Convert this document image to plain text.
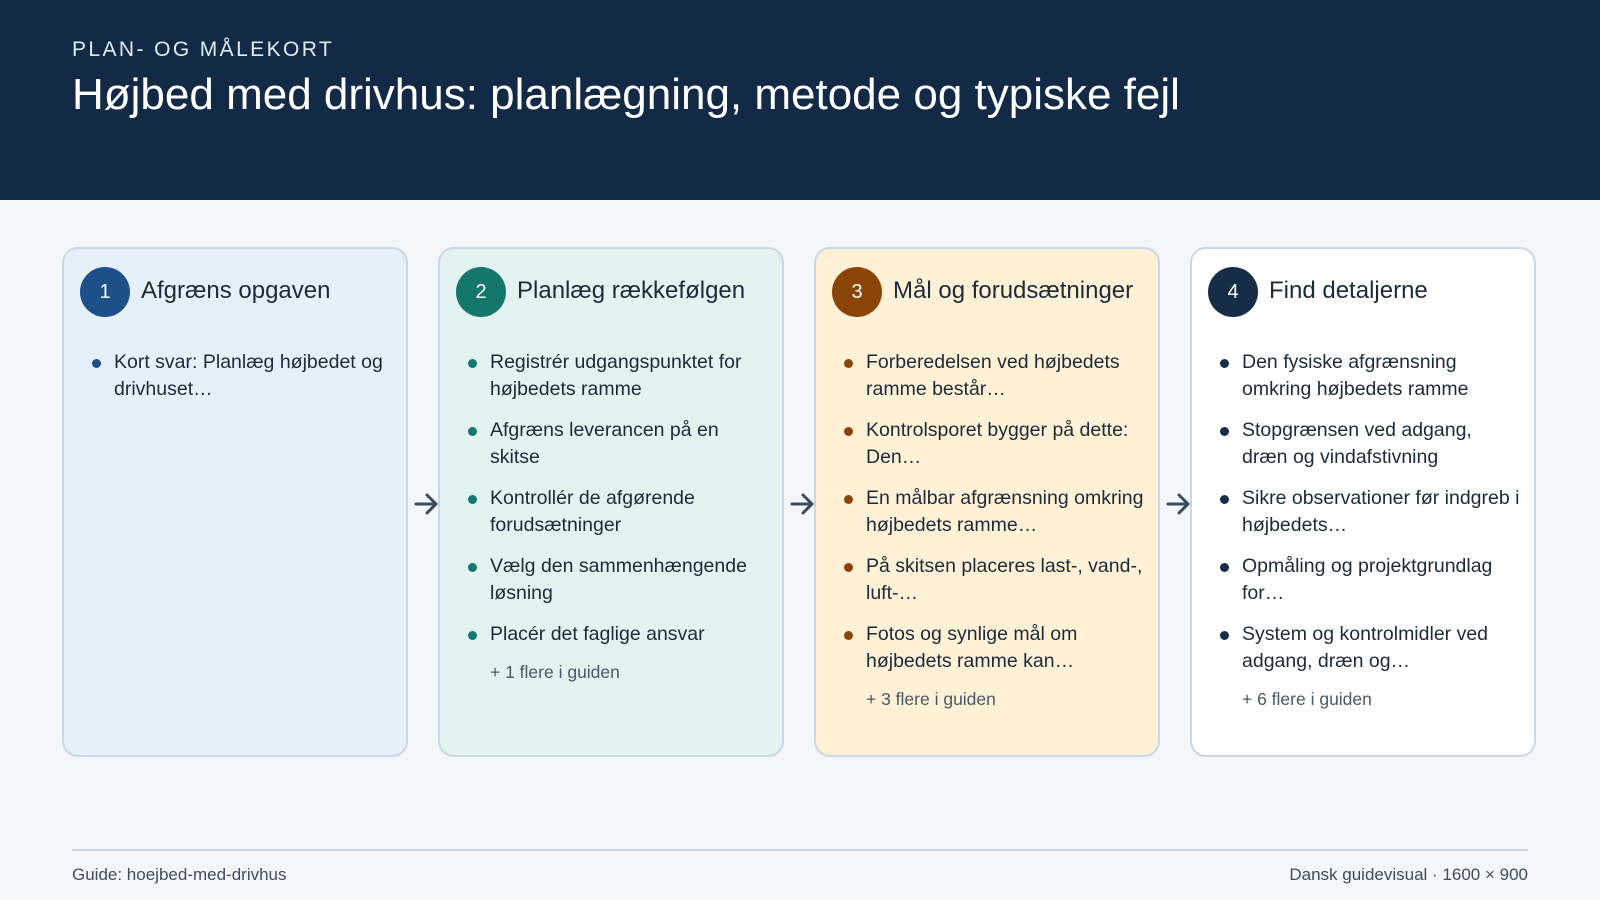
PLAN- OG MÅLEKORT
Højbed med drivhus: planlægning, metode og typiske fejl
1	Afgræns opgaven
Kort svar: Planlæg højbedet og drivhuset…
2	Planlæg rækkefølgen
Registrér udgangspunktet for højbedets ramme
Afgræns leverancen på en skitse
Kontrollér de afgørende forudsætninger
Vælg den sammenhængende løsning
Placér det faglige ansvar
+ 1 flere i guiden
3	Mål og forudsætninger
Forberedelsen ved højbedets ramme består…
Kontrolsporet bygger på dette: Den…
En målbar afgrænsning omkring højbedets ramme…
På skitsen placeres last-, vand-, luft-…
Fotos og synlige mål om højbedets ramme kan…
+ 3 flere i guiden
4	Find detaljerne
Den fysiske afgrænsning omkring højbedets ramme
Stopgrænsen ved adgang, dræn og vindafstivning
Sikre observationer før indgreb i højbedets…
Opmåling og projektgrundlag for…
System og kontrolmidler ved adgang, dræn og…
+ 6 flere i guiden
Guide: hoejbed-med-drivhus	Dansk guidevisual · 1600 × 900
